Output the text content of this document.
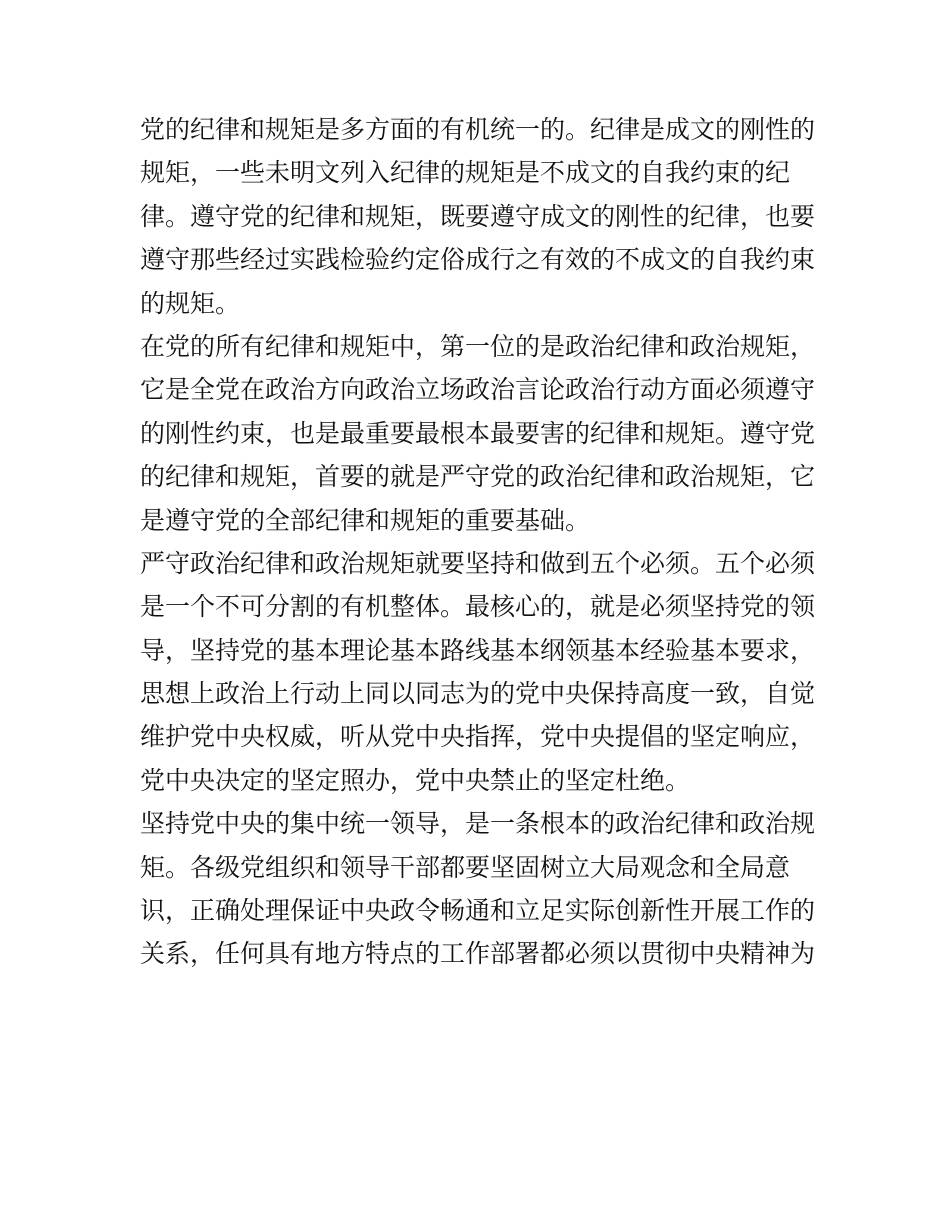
党的纪律和规矩是多方面的有机统一的。纪律是成文的刚性的
规矩，一些未明文列入纪律的规矩是不成文的自我约束的纪
律。遵守党的纪律和规矩，既要遵守成文的刚性的纪律，也要
遵守那些经过实践检验约定俗成行之有效的不成文的自我约束
的规矩。
在党的所有纪律和规矩中，第一位的是政治纪律和政治规矩，
它是全党在政治方向政治立场政治言论政治行动方面必须遵守
的刚性约束，也是最重要最根本最要害的纪律和规矩。遵守党
的纪律和规矩，首要的就是严守党的政治纪律和政治规矩，它
是遵守党的全部纪律和规矩的重要基础。
严守政治纪律和政治规矩就要坚持和做到五个必须。五个必须
是一个不可分割的有机整体。最核心的，就是必须坚持党的领
导，坚持党的基本理论基本路线基本纲领基本经验基本要求，
思想上政治上行动上同以同志为的党中央保持高度一致，自觉
维护党中央权威，听从党中央指挥，党中央提倡的坚定响应，
党中央决定的坚定照办，党中央禁止的坚定杜绝。
坚持党中央的集中统一领导，是一条根本的政治纪律和政治规
矩。各级党组织和领导干部都要坚固树立大局观念和全局意
识，正确处理保证中央政令畅通和立足实际创新性开展工作的
关系，任何具有地方特点的工作部署都必须以贯彻中央精神为
